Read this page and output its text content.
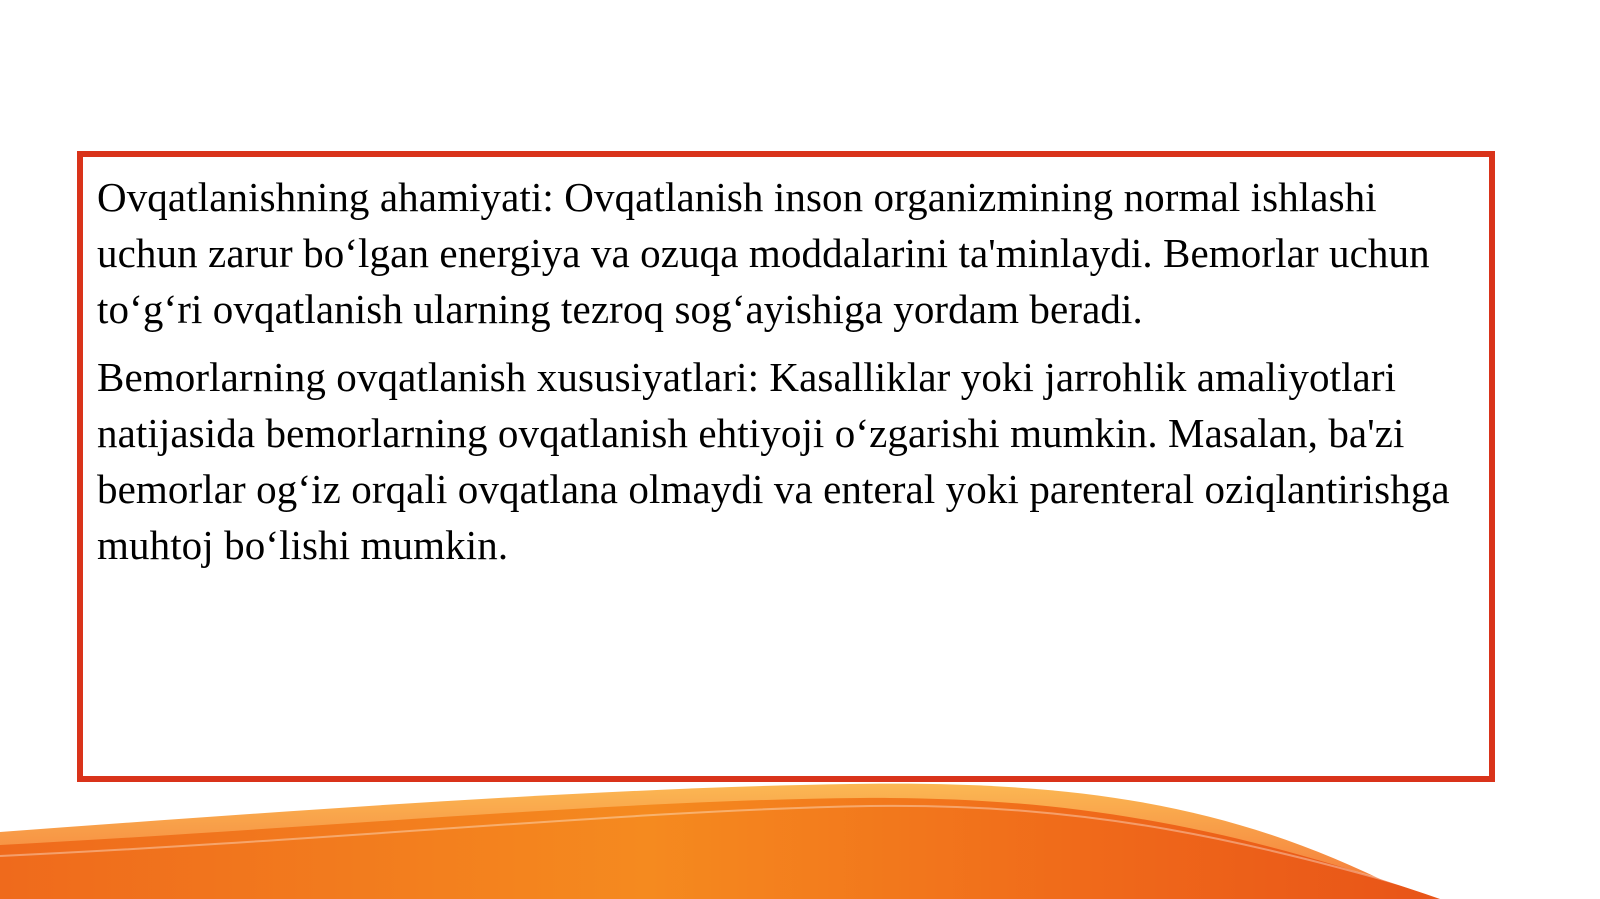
Ovqatlanishning ahamiyati: Ovqatlanish inson organizmining normal ishlashi uchun zarur bo‘lgan energiya va ozuqa moddalarini ta'minlaydi. Bemorlar uchun to‘g‘ri ovqatlanish ularning tezroq sog‘ayishiga yordam beradi.

Bemorlarning ovqatlanish xususiyatlari: Kasalliklar yoki jarrohlik amaliyotlari natijasida bemorlarning ovqatlanish ehtiyoji o‘zgarishi mumkin. Masalan, ba'zi bemorlar og‘iz orqali ovqatlana olmaydi va enteral yoki parenteral oziqlantirishga muhtoj bo‘lishi mumkin.
